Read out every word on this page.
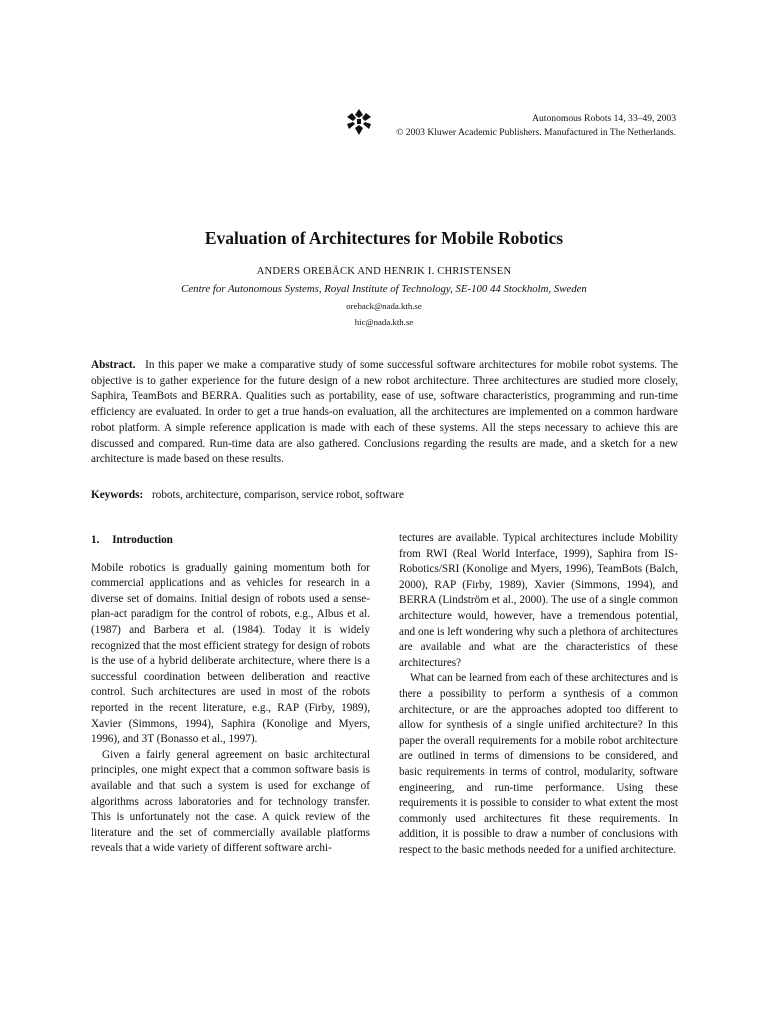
Autonomous Robots 14, 33–49, 2003
© 2003 Kluwer Academic Publishers. Manufactured in The Netherlands.
Evaluation of Architectures for Mobile Robotics
ANDERS OREBÄCK AND HENRIK I. CHRISTENSEN
Centre for Autonomous Systems, Royal Institute of Technology, SE-100 44 Stockholm, Sweden
oreback@nada.kth.se
hic@nada.kth.se
Abstract. In this paper we make a comparative study of some successful software architectures for mobile robot systems. The objective is to gather experience for the future design of a new robot architecture. Three architectures are studied more closely, Saphira, TeamBots and BERRA. Qualities such as portability, ease of use, software characteristics, programming and run-time efficiency are evaluated. In order to get a true hands-on evaluation, all the architectures are implemented on a common hardware robot platform. A simple reference application is made with each of these systems. All the steps necessary to achieve this are discussed and compared. Run-time data are also gathered. Conclusions regarding the results are made, and a sketch for a new architecture is made based on these results.
Keywords: robots, architecture, comparison, service robot, software
1. Introduction

Mobile robotics is gradually gaining momentum both for commercial applications and as vehicles for research in a diverse set of domains. Initial design of robots used a sense-plan-act paradigm for the control of robots, e.g., Albus et al. (1987) and Barbera et al. (1984). Today it is widely recognized that the most efficient strategy for design of robots is the use of a hybrid deliberate architecture, where there is a successful coordination between deliberation and reactive control. Such architectures are used in most of the robots reported in the recent literature, e.g., RAP (Firby, 1989), Xavier (Simmons, 1994), Saphira (Konolige and Myers, 1996), and 3T (Bonasso et al., 1997).

Given a fairly general agreement on basic architectural principles, one might expect that a common software basis is available and that such a system is used for exchange of algorithms across laboratories and for technology transfer. This is unfortunately not the case. A quick review of the literature and the set of commercially available platforms reveals that a wide variety of different software archi-

tectures are available. Typical architectures include Mobility from RWI (Real World Interface, 1999), Saphira from IS-Robotics/SRI (Konolige and Myers, 1996), TeamBots (Balch, 2000), RAP (Firby, 1989), Xavier (Simmons, 1994), and BERRA (Lindström et al., 2000). The use of a single common architecture would, however, have a tremendous potential, and one is left wondering why such a plethora of architectures are available and what are the characteristics of these architectures?

What can be learned from each of these architectures and is there a possibility to perform a synthesis of a common architecture, or are the approaches adopted too different to allow for synthesis of a single unified architecture? In this paper the overall requirements for a mobile robot architecture are outlined in terms of dimensions to be considered, and basic requirements in terms of control, modularity, software engineering, and run-time performance. Using these requirements it is possible to consider to what extent the most commonly used architectures fit these requirements. In addition, it is possible to draw a number of conclusions with respect to the basic methods needed for a unified architecture.
